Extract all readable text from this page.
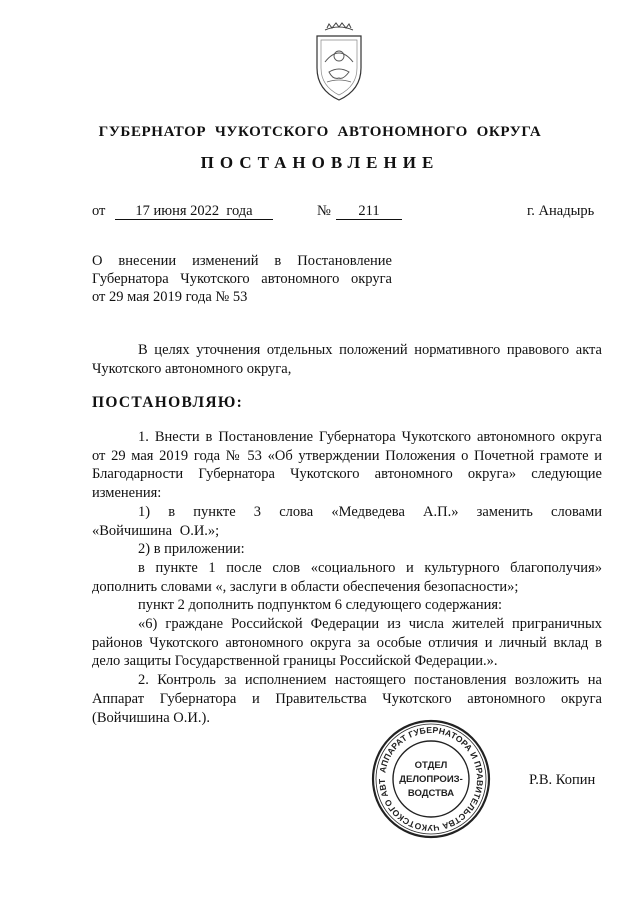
ГУБЕРНАТОР  ЧУКОТСКОГО  АВТОНОМНОГО  ОКРУГА
ПОСТАНОВЛЕНИЕ
от	17 июня 2022  года	№	211	г. Анадырь
О внесении изменений в Постановление
Губернатора Чукотского автономного округа
от 29 мая 2019 года № 53
В целях уточнения отдельных положений нормативного правового акта Чукотского автономного округа,
ПОСТАНОВЛЯЮ:
1. Внести в Постановление Губернатора Чукотского автономного округа от 29 мая 2019 года № 53 «Об утверждении Положения о Почетной грамоте и Благодарности Губернатора Чукотского автономного округа» следующие изменения:
1) в пункте 3 слова «Медведева А.П.» заменить словами «Войчишина О.И.»;
2) в приложении:
в пункте 1 после слов «социального и культурного благополучия» дополнить словами «, заслуги в области обеспечения безопасности»;
пункт 2 дополнить подпунктом 6 следующего содержания:
«6) граждане Российской Федерации из числа жителей приграничных районов Чукотского автономного округа за особые отличия и личный вклад в дело защиты Государственной границы Российской Федерации.».
2. Контроль за исполнением настоящего постановления возложить на Аппарат Губернатора и Правительства Чукотского автономного округа (Войчишина О.И.).
АППАРАТ ГУБЕРНАТОРА И ПРАВИТЕЛЬСТВА ЧУКОТСКОГО АВТ
ОТДЕЛ
ДЕЛОПРОИЗ-
ВОДСТВА
Р.В. Копин
